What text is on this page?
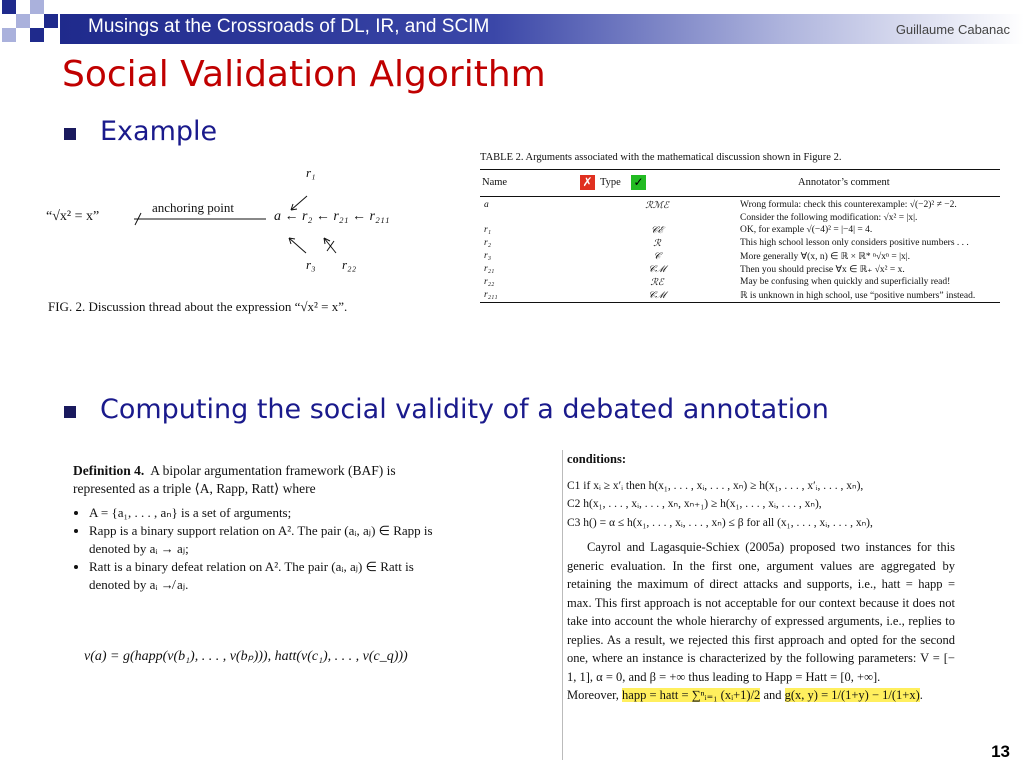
Musings at the Crossroads of DL, IR, and SCIM	Guillaume Cabanac
Social Validation Algorithm
Example
“√x² = x”
anchoring point
a ← r₂ ← r₂₁ ← r₂₁₁
r₁
r₃ r₂₂
FIG. 2. Discussion thread about the expression “√x² = x”.
TABLE 2. Arguments associated with the mathematical discussion shown in Figure 2.
Name	✗ Type ✓	Annotator’s comment
a	ℛℳℰ	Wrong formula: check this counterexample: √(−2)² ≠ −2.
		Consider the following modification: √x² = |x|.
r₁	𝒞ℰ	OK, for example √(−4)² = |−4| = 4.
r₂	ℛ	This high school lesson only considers positive numbers . . .
r₃	𝒞	More generally ∀(x, n) ∈ ℝ × ℝ* ⁿ√xⁿ = |x|.
r₂₁	𝒞ℳ	Then you should precise ∀x ∈ ℝ₊ √x² = x.
r₂₂	ℛℰ	May be confusing when quickly and superficially read!
r₂₁₁	𝒞ℳ	ℝ is unknown in high school, use “positive numbers” instead.
Computing the social validity of a debated annotation
Definition 4. A bipolar argumentation framework (BAF) is represented as a triple ⟨A, Rapp, Ratt⟩ where
• A = {a₁, . . . , aₙ} is a set of arguments;
• Rapp is a binary support relation on A². The pair (aᵢ, aⱼ) ∈ Rapp is denoted by aᵢ → aⱼ;
• Ratt is a binary defeat relation on A². The pair (aᵢ, aⱼ) ∈ Ratt is denoted by aᵢ ↛ aⱼ.
v(a) = g(happ(v(b₁), . . . , v(bₚ))), hatt(v(c₁), . . . , v(c_q)))
conditions:
C1 if xᵢ ≥ x′ᵢ then h(x₁, . . . , xᵢ, . . . , xₙ) ≥ h(x₁, . . . , x′ᵢ, . . . , xₙ),
C2 h(x₁, . . . , xᵢ, . . . , xₙ, xₙ₊₁) ≥ h(x₁, . . . , xᵢ, . . . , xₙ),
C3 h() = α ≤ h(x₁, . . . , xᵢ, . . . , xₙ) ≤ β for all (x₁, . . . , xᵢ, . . . , xₙ),
Cayrol and Lagasquie-Schiex (2005a) proposed two instances for this generic evaluation. In the first one, argument values are aggregated by retaining the maximum of direct attacks and supports, i.e., hatt = happ = max. This first approach is not acceptable for our context because it does not take into account the whole hierarchy of expressed arguments, i.e., replies to replies. As a result, we rejected this first approach and opted for the second one, where an instance is characterized by the following parameters: V = [− 1, 1], α = 0, and β = +∞ thus leading to Happ = Hatt = [0, +∞].
Moreover, happ = hatt = ∑ⁿᵢ₌₁ (xᵢ+1)/2 and g(x, y) = 1/(1+y) − 1/(1+x).
13
